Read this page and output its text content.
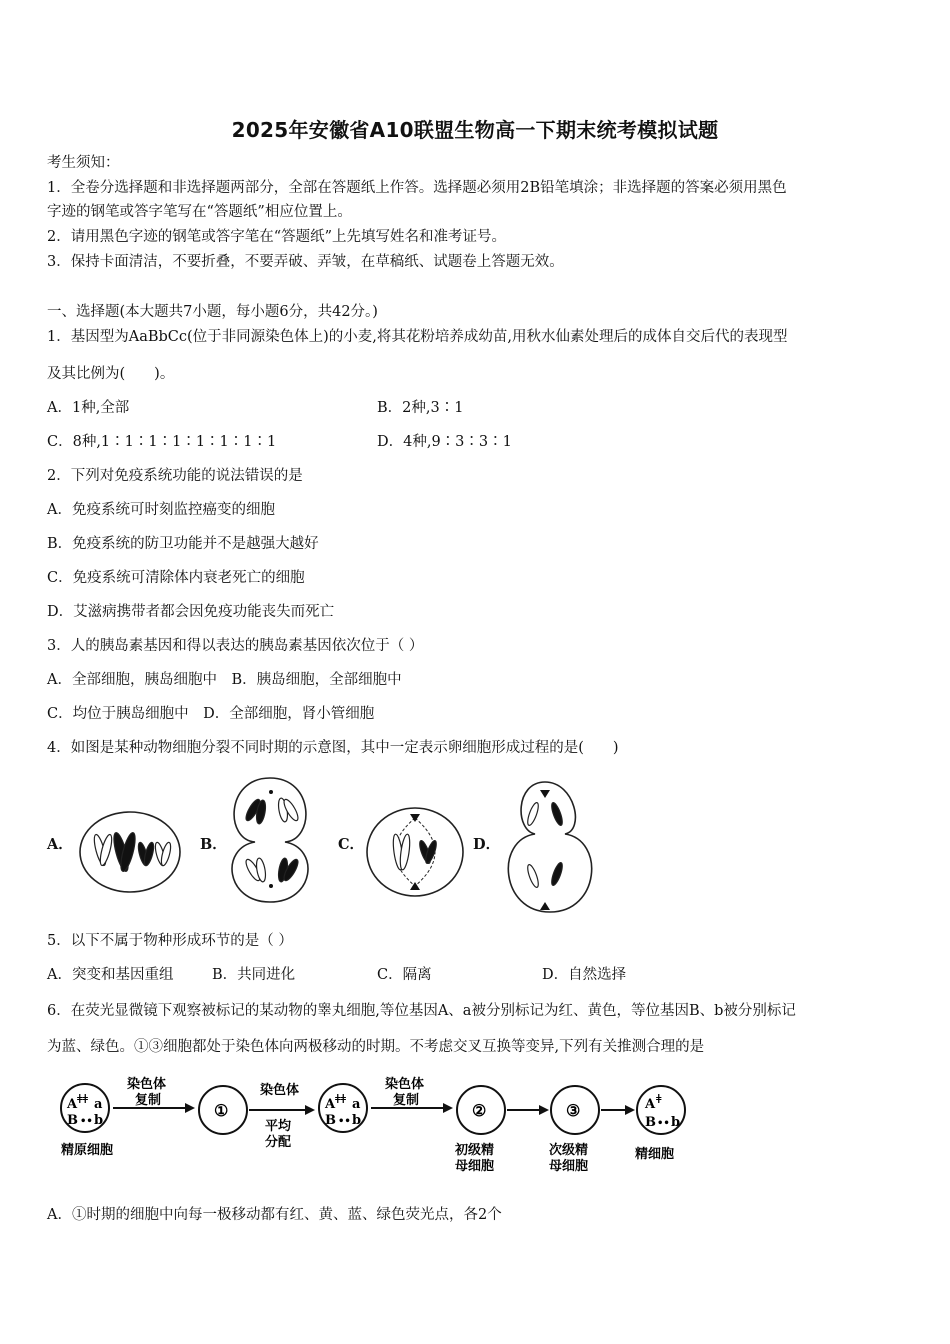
2025年安徽省A10联盟生物高一下期末统考模拟试题
考生须知：
1．全卷分选择题和非选择题两部分，全部在答题纸上作答。选择题必须用2B铅笔填涂；非选择题的答案必须用黑色
字迹的钢笔或答字笔写在“答题纸”相应位置上。
2．请用黑色字迹的钢笔或答字笔在“答题纸”上先填写姓名和准考证号。
3．保持卡面清洁，不要折叠，不要弄破、弄皱，在草稿纸、试题卷上答题无效。
一、选择题(本大题共7小题，每小题6分，共42分。)
1．基因型为AaBbCc(位于非同源染色体上)的小麦,将其花粉培养成幼苗,用秋水仙素处理后的成体自交后代的表现型
及其比例为(　　)。
A．1种,全部	B．2种,3∶1
C．8种,1∶1∶1∶1∶1∶1∶1∶1	D．4种,9∶3∶3∶1
2．下列对免疫系统功能的说法错误的是
A．免疫系统可时刻监控癌变的细胞
B．免疫系统的防卫功能并不是越强大越好
C．免疫系统可清除体内衰老死亡的细胞
D．艾滋病携带者都会因免疫功能丧失而死亡
3．人的胰岛素基因和得以表达的胰岛素基因依次位于（ ）
A．全部细胞，胰岛细胞中　B．胰岛细胞，全部细胞中
C．均位于胰岛细胞中　D．全部细胞，肾小管细胞
4．如图是某种动物细胞分裂不同时期的示意图，其中一定表示卵细胞形成过程的是(　　)
A．	B．	C．	D．
5．以下不属于物种形成环节的是（ ）
A．突变和基因重组	B．共同进化	C．隔离	D．自然选择
6．在荧光显微镜下观察被标记的某动物的睾丸细胞,等位基因A、a被分别标记为红、黄色，等位基因B、b被分别标记
为蓝、绿色。①③细胞都处于染色体向两极移动的时期。不考虑交叉互换等变异,下列有关推测合理的是
A ǂǂ a
B •• b
精原细胞
染色体
复制
①
染色体
平均
分配
A ǂǂ a
B •• b
染色体
复制
②
初级精
母细胞
③
次级精
母细胞
A ǂ
B •• b
精细胞
A．①时期的细胞中向每一极移动都有红、黄、蓝、绿色荧光点，各2个
